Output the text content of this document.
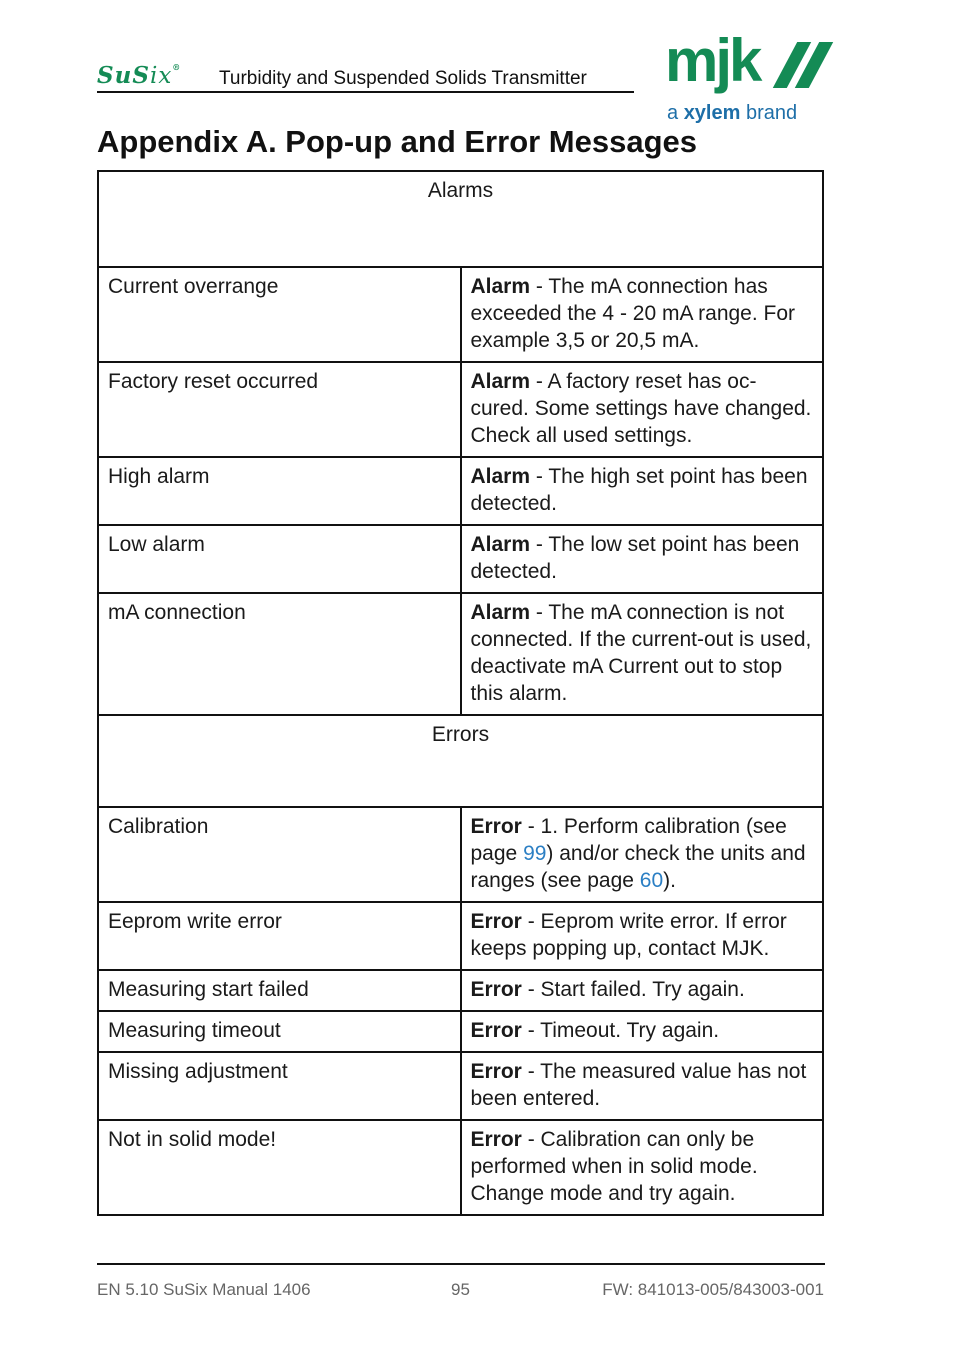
SuSix®
Turbidity and Suspended Solids Transmitter mjk
a xylem brand
Appendix A. Pop-up and Error Messages
Alarms	
Current overrange	Alarm - The mA connection has exceeded the 4 - 20 mA range. For example 3,5 or 20,5 mA.
Factory reset occurred	Alarm - A factory reset has oc-cured. Some settings have changed. Check all used settings.
High alarm	Alarm - The high set point has been detected.
Low alarm	Alarm - The low set point has been detected.
mA connection	Alarm - The mA connection is not connected. If the current-out is used, deactivate mA Current out to stop this alarm.
Errors	
Calibration	Error - 1. Perform calibration (see page 99) and/or check the units and ranges (see page 60).
Eeprom write error	Error - Eeprom write error. If error keeps popping up, contact MJK.
Measuring start failed	Error - Start failed. Try again.
Measuring timeout	Error - Timeout. Try again.
Missing adjustment	Error - The measured value has not been entered.
Not in solid mode!	Error - Calibration can only be performed when in solid mode. Change mode and try again.
EN 5.10 SuSix Manual 1406	95	FW: 841013-005/843003-001
